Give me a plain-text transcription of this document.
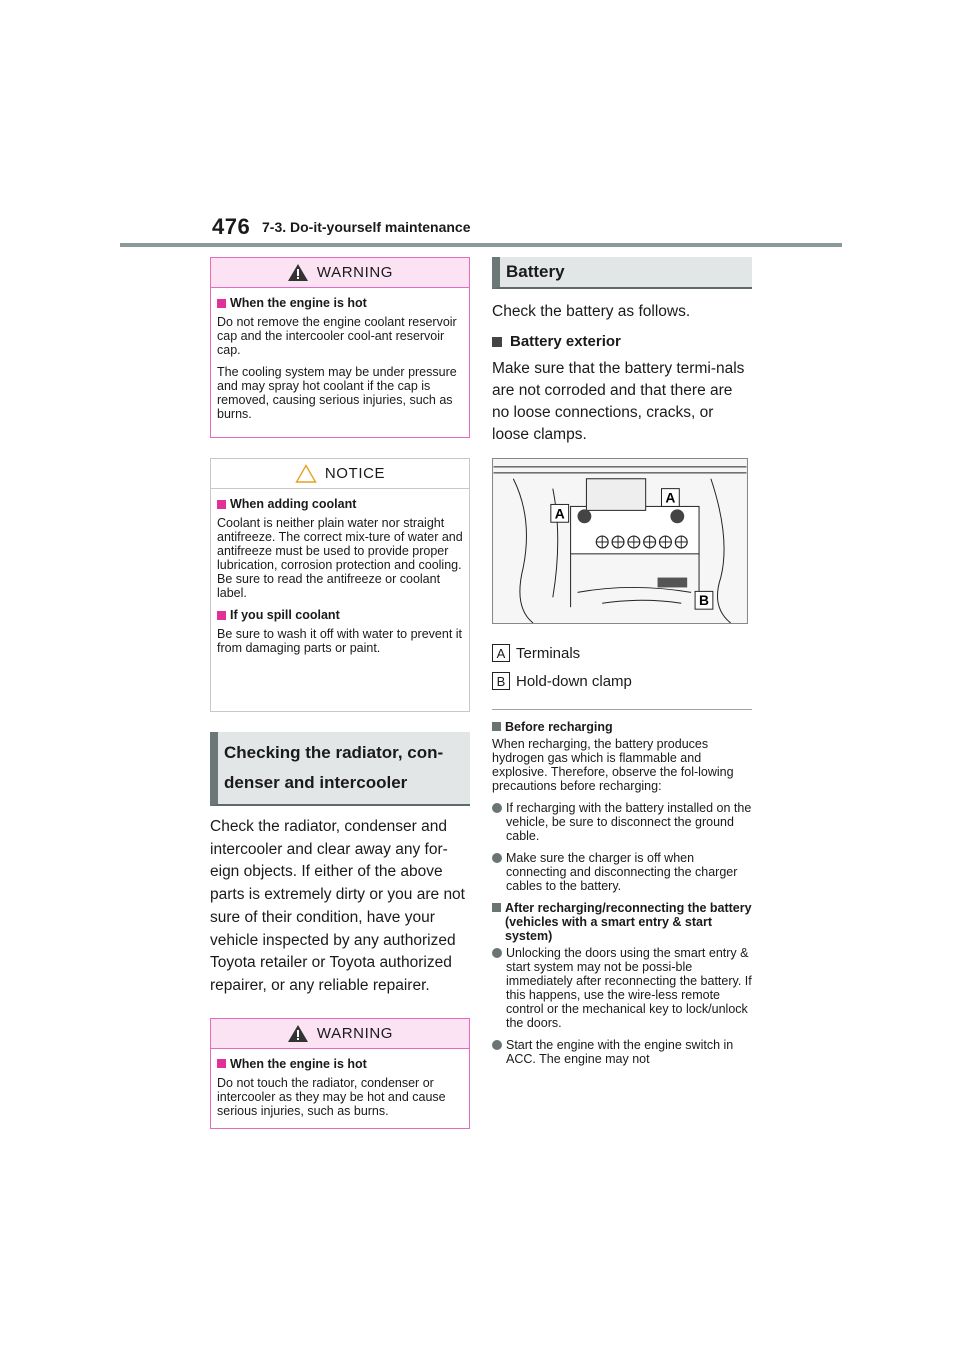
476 7-3. Do-it-yourself maintenance
WARNING
When the engine is hot
Do not remove the engine coolant reservoir cap and the intercooler cool-ant reservoir cap.
The cooling system may be under pressure and may spray hot coolant if the cap is removed, causing serious injuries, such as burns.
NOTICE
When adding coolant
Coolant is neither plain water nor straight antifreeze. The correct mix-ture of water and antifreeze must be used to provide proper lubrication, corrosion protection and cooling. Be sure to read the antifreeze or coolant label.
If you spill coolant
Be sure to wash it off with water to prevent it from damaging parts or paint.
Checking the radiator, con-denser and intercooler
Check the radiator, condenser and intercooler and clear away any for-eign objects. If either of the above parts is extremely dirty or you are not sure of their condition, have your vehicle inspected by any authorized Toyota retailer or Toyota authorized repairer, or any reliable repairer.
WARNING
When the engine is hot
Do not touch the radiator, condenser or intercooler as they may be hot and cause serious injuries, such as burns.
Battery
Check the battery as follows.
Battery exterior
Make sure that the battery termi-nals are not corroded and that there are no loose connections, cracks, or loose clamps.
A
A
B
A Terminals
B Hold-down clamp
Before recharging
When recharging, the battery produces hydrogen gas which is flammable and explosive. Therefore, observe the fol-lowing precautions before recharging:
If recharging with the battery installed on the vehicle, be sure to disconnect the ground cable.
Make sure the charger is off when connecting and disconnecting the charger cables to the battery.
After recharging/reconnecting the battery (vehicles with a smart entry & start system)
Unlocking the doors using the smart entry & start system may not be possi-ble immediately after reconnecting the battery. If this happens, use the wire-less remote control or the mechanical key to lock/unlock the doors.
Start the engine with the engine switch in ACC. The engine may not
